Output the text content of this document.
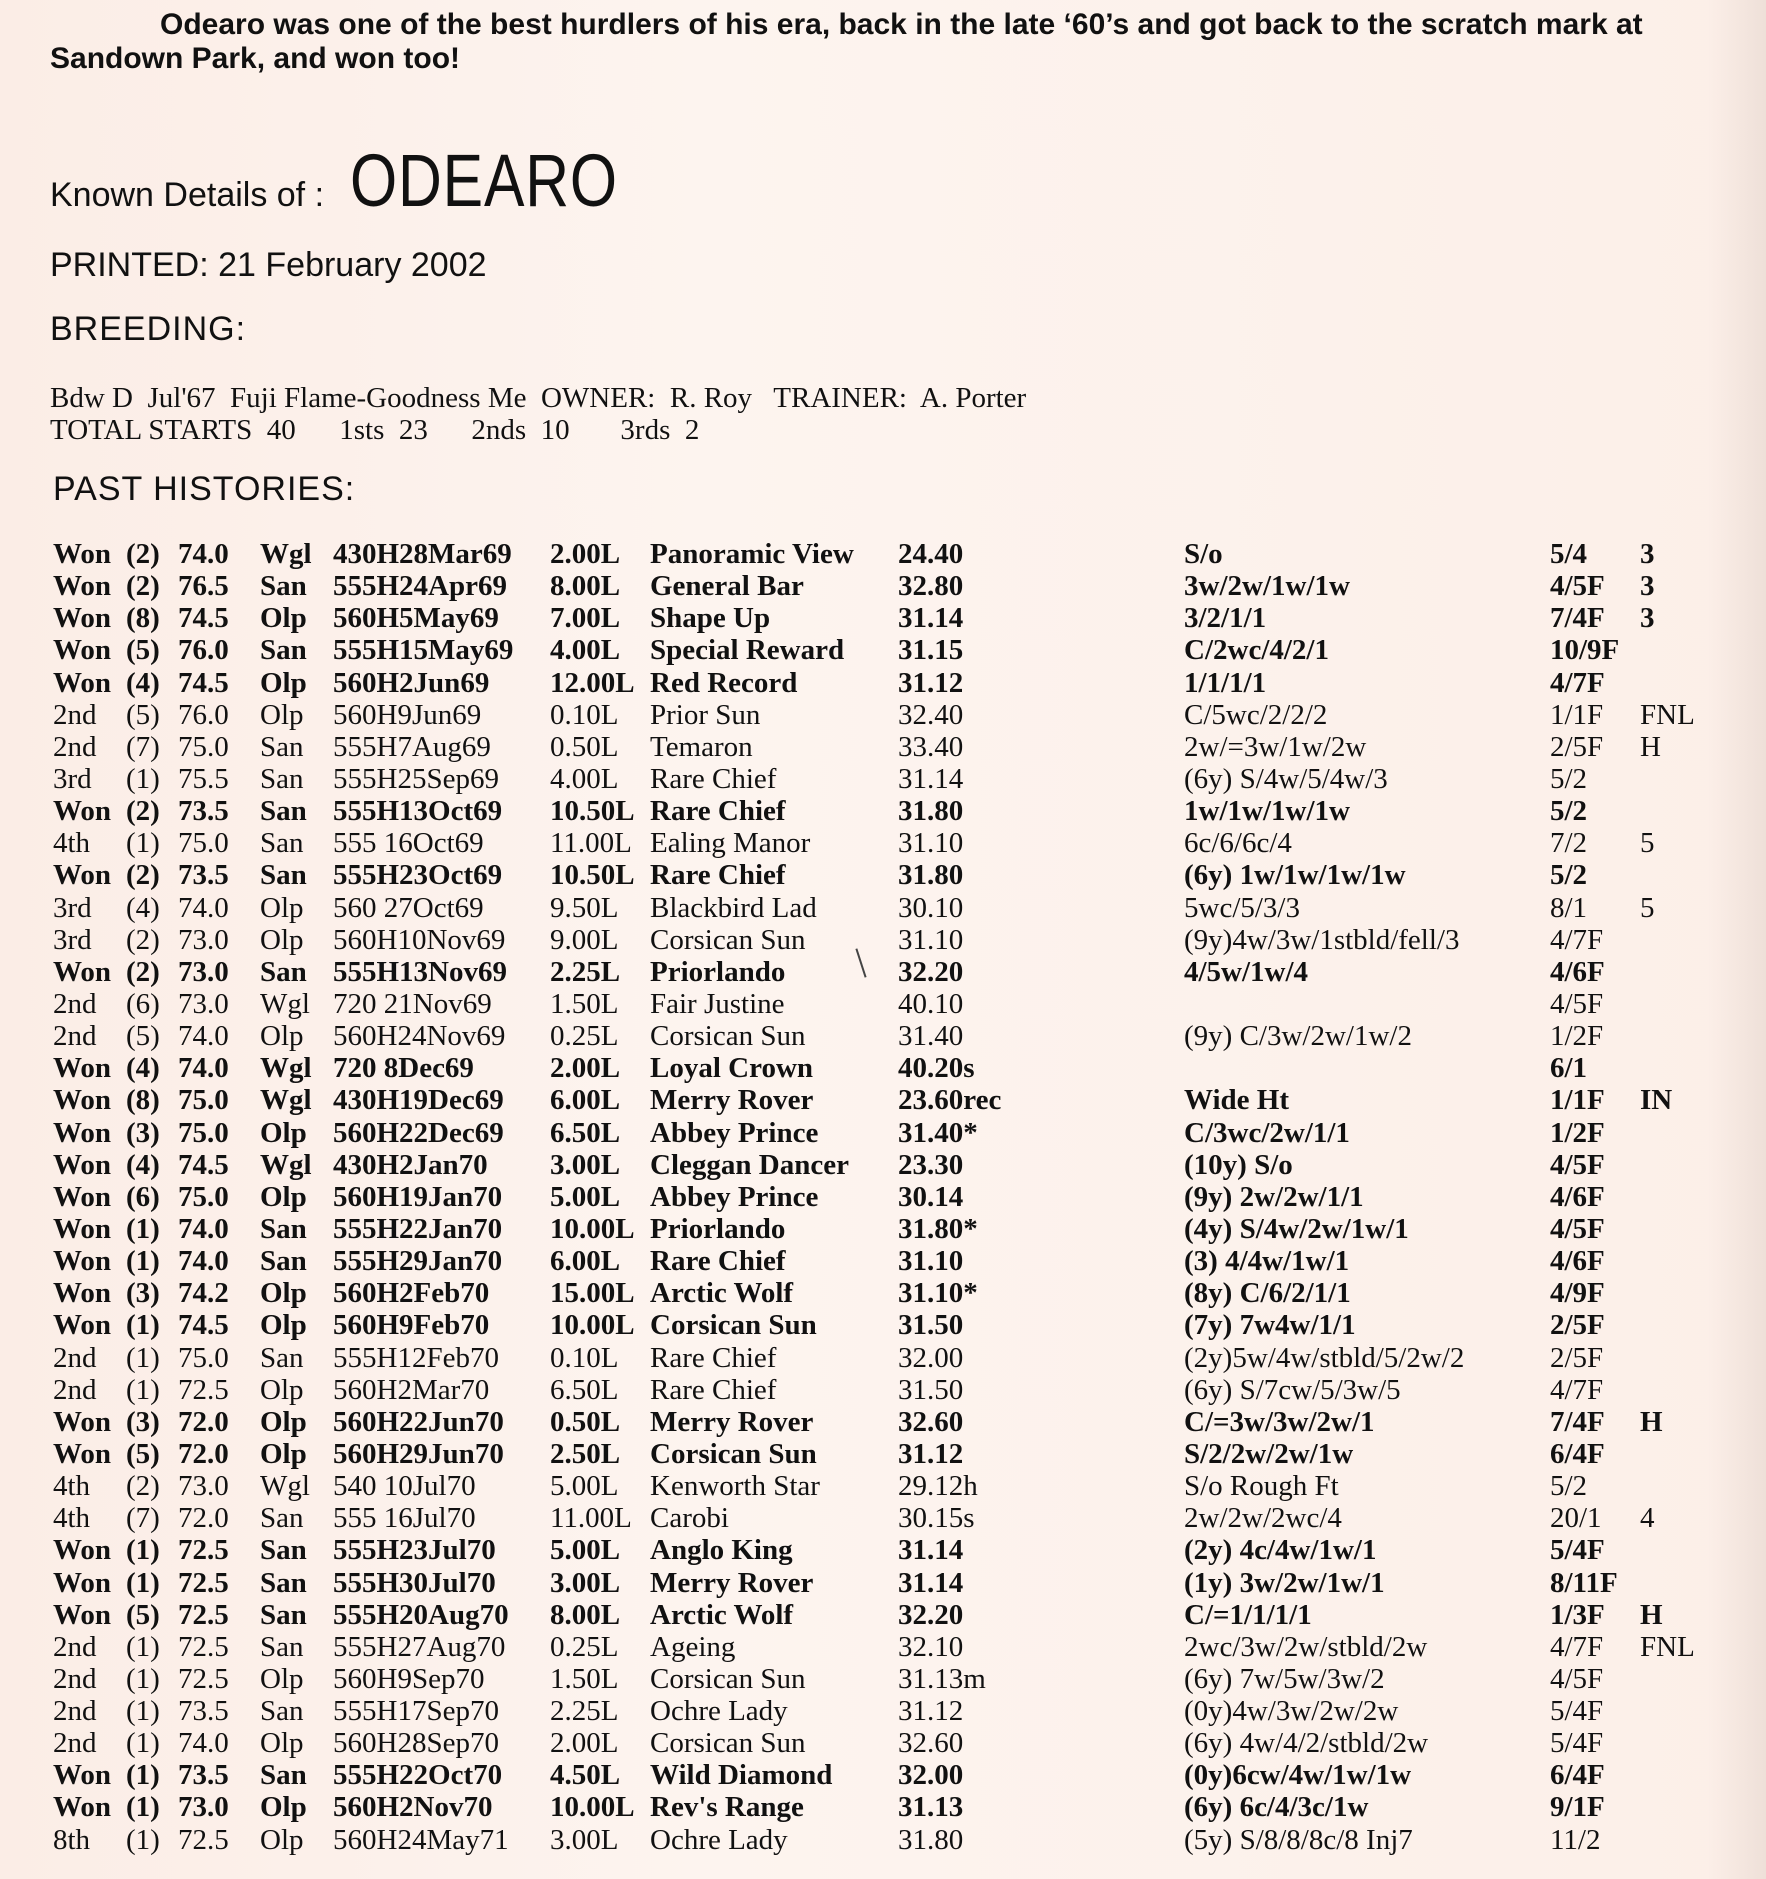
Odearo was one of the best hurdlers of his era, back in the late ‘60’s and got back to the scratch mark at Sandown Park, and won too!
Known Details of : ODEARO
PRINTED: 21 February 2002
BREEDING:
Bdw D  Jul'67  Fuji Flame-Goodness Me  OWNER:  R. Roy   TRAINER:  A. Porter
TOTAL STARTS  40      1sts  23      2nds  10       3rds  2
PAST HISTORIES:
Won (2) 74.0 Wgl 430H28Mar69 2.00L Panoramic View 24.40	S/o	5/4 3
Won (2) 76.5 San 555H24Apr69 8.00L General Bar	32.80	3w/2w/1w/1w	4/5F 3
Won (8) 74.5 Olp 560H5May69 7.00L Shape Up	31.14	3/2/1/1	7/4F 3
Won (5) 76.0 San 555H15May69 4.00L Special Reward 31.15	C/2wc/4/2/1	10/9F
Won (4) 74.5 Olp 560H2Jun69 12.00L Red Record	31.12	1/1/1/1	4/7F
2nd (5) 76.0 Olp 560H9Jun69 0.10L Prior Sun	32.40	C/5wc/2/2/2	1/1F FNL
2nd (7) 75.0 San 555H7Aug69 0.50L Temaron	33.40	2w/=3w/1w/2w	2/5F H
3rd (1) 75.5 San 555H25Sep69 4.00L Rare Chief	31.14	(6y) S/4w/5/4w/3	5/2
Won (2) 73.5 San 555H13Oct69 10.50L Rare Chief	31.80	1w/1w/1w/1w	5/2
4th (1) 75.0 San 555 16Oct69 11.00L Ealing Manor	31.10	6c/6/6c/4	7/2 5
Won (2) 73.5 San 555H23Oct69 10.50L Rare Chief	31.80	(6y) 1w/1w/1w/1w	5/2
3rd (4) 74.0 Olp 560 27Oct69 9.50L Blackbird Lad	30.10	5wc/5/3/3	8/1 5
3rd (2) 73.0 Olp 560H10Nov69 9.00L Corsican Sun	31.10	(9y)4w/3w/1stbld/fell/3	4/7F
Won (2) 73.0 San 555H13Nov69 2.25L Priorlando	32.20	4/5w/1w/4	4/6F
2nd (6) 73.0 Wgl 720 21Nov69 1.50L Fair Justine	40.10	4/5F
2nd (5) 74.0 Olp 560H24Nov69 0.25L Corsican Sun	31.40	(9y) C/3w/2w/1w/2	1/2F
Won (4) 74.0 Wgl 720 8Dec69	2.00L Loyal Crown	40.20s	6/1
Won (8) 75.0 Wgl 430H19Dec69 6.00L Merry Rover	23.60rec	Wide Ht	1/1F IN
Won (3) 75.0 Olp 560H22Dec69 6.50L Abbey Prince	31.40*	C/3wc/2w/1/1	1/2F
Won (4) 74.5 Wgl 430H2Jan70 3.00L Cleggan Dancer 23.30	(10y) S/o	4/5F
Won (6) 75.0 Olp 560H19Jan70 5.00L Abbey Prince	30.14	(9y) 2w/2w/1/1	4/6F
Won (1) 74.0 San 555H22Jan70 10.00L Priorlando	31.80*	(4y) S/4w/2w/1w/1	4/5F
Won (1) 74.0 San 555H29Jan70 6.00L Rare Chief	31.10	(3) 4/4w/1w/1	4/6F
Won (3) 74.2 Olp 560H2Feb70 15.00L Arctic Wolf	31.10*	(8y) C/6/2/1/1	4/9F
Won (1) 74.5 Olp 560H9Feb70 10.00L Corsican Sun	31.50	(7y) 7w4w/1/1	2/5F
2nd (1) 75.0 San 555H12Feb70 0.10L Rare Chief	32.00	(2y)5w/4w/stbld/5/2w/2	2/5F
2nd (1) 72.5 Olp 560H2Mar70 6.50L Rare Chief	31.50	(6y) S/7cw/5/3w/5	4/7F
Won (3) 72.0 Olp 560H22Jun70 0.50L Merry Rover	32.60	C/=3w/3w/2w/1	7/4F H
Won (5) 72.0 Olp 560H29Jun70 2.50L Corsican Sun	31.12	S/2/2w/2w/1w	6/4F
4th (2) 73.0 Wgl 540 10Jul70	5.00L Kenworth Star	29.12h	S/o Rough Ft	5/2
4th (7) 72.0 San 555 16Jul70	11.00L Carobi	30.15s	2w/2w/2wc/4	20/1 4
Won (1) 72.5 San 555H23Jul70 5.00L Anglo King	31.14	(2y) 4c/4w/1w/1	5/4F
Won (1) 72.5 San 555H30Jul70 3.00L Merry Rover	31.14	(1y) 3w/2w/1w/1	8/11F
Won (5) 72.5 San 555H20Aug70 8.00L Arctic Wolf	32.20	C/=1/1/1/1	1/3F H
2nd (1) 72.5 San 555H27Aug70 0.25L Ageing	32.10	2wc/3w/2w/stbld/2w	4/7F FNL
2nd (1) 72.5 Olp 560H9Sep70 1.50L Corsican Sun	31.13m	(6y) 7w/5w/3w/2	4/5F
2nd (1) 73.5 San 555H17Sep70 2.25L Ochre Lady	31.12	(0y)4w/3w/2w/2w	5/4F
2nd (1) 74.0 Olp 560H28Sep70 2.00L Corsican Sun	32.60	(6y) 4w/4/2/stbld/2w	5/4F
Won (1) 73.5 San 555H22Oct70 4.50L Wild Diamond 32.00	(0y)6cw/4w/1w/1w	6/4F
Won (1) 73.0 Olp 560H2Nov70 10.00L Rev's Range	31.13	(6y) 6c/4/3c/1w	9/1F
8th (1) 72.5 Olp 560H24May71 3.00L Ochre Lady	31.80	(5y) S/8/8/8c/8 Inj7	11/2
